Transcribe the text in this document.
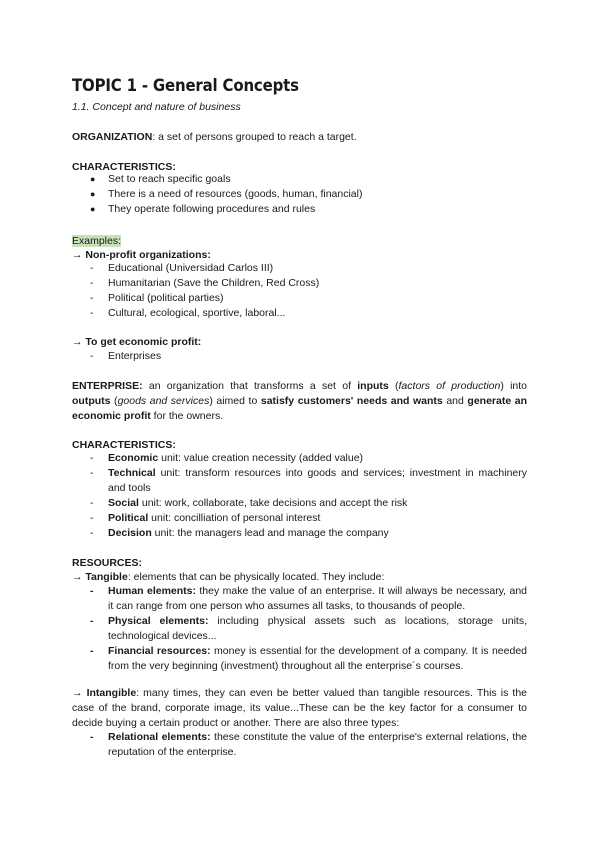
TOPIC 1 - General Concepts
1.1. Concept and nature of business
ORGANIZATION: a set of persons grouped to reach a target.
CHARACTERISTICS:
● Set to reach specific goals
● There is a need of resources (goods, human, financial)
● They operate following procedures and rules
Examples:
→ Non-profit organizations:
- Educational (Universidad Carlos III)
- Humanitarian (Save the Children, Red Cross)
- Political (political parties)
- Cultural, ecological, sportive, laboral...
→ To get economic profit:
- Enterprises
ENTERPRISE: an organization that transforms a set of inputs (factors of production) into outputs (goods and services) aimed to satisfy customers' needs and wants and generate an economic profit for the owners.
CHARACTERISTICS:
- Economic unit: value creation necessity (added value)
- Technical unit: transform resources into goods and services; investment in machinery and tools
- Social unit: work, collaborate, take decisions and accept the risk
- Political unit: concilliation of personal interest
- Decision unit: the managers lead and manage the company
RESOURCES:
→ Tangible: elements that can be physically located. They include:
- Human elements: they make the value of an enterprise. It will always be necessary, and it can range from one person who assumes all tasks, to thousands of people.
- Physical elements: including physical assets such as locations, storage units, technological devices...
- Financial resources: money is essential for the development of a company. It is needed from the very beginning (investment) throughout all the enterprise´s courses.
→ Intangible: many times, they can even be better valued than tangible resources. This is the case of the brand, corporate image, its value...These can be the key factor for a consumer to decide buying a certain product or another. There are also three types:
- Relational elements: these constitute the value of the enterprise's external relations, the reputation of the enterprise.
